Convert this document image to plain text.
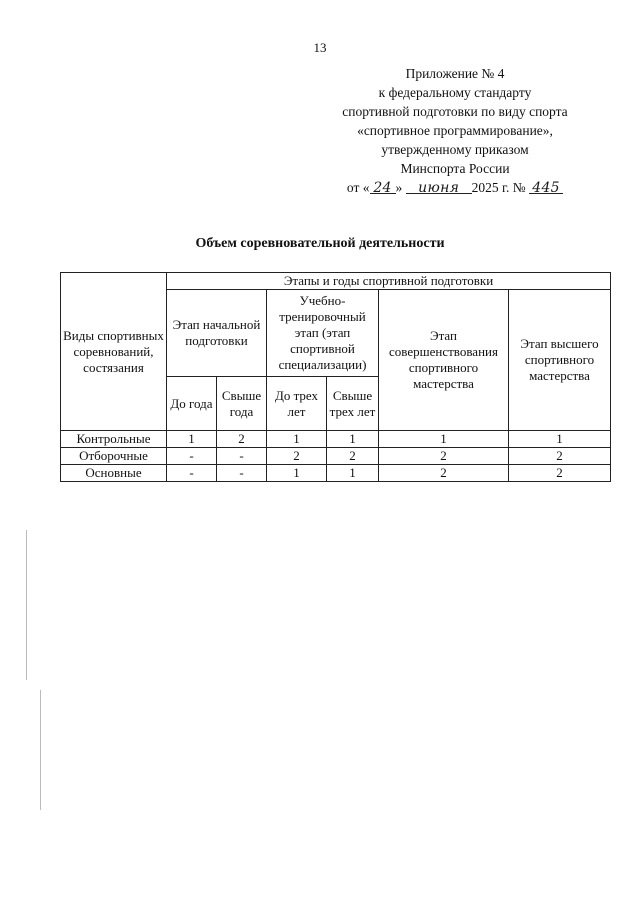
13
Приложение № 4
к федеральному стандарту
спортивной подготовки по виду спорта
«спортивное программирование»,
утвержденному приказом
Минспорта России
от « 24 » июня 2025 г. № 445
Объем соревновательной деятельности
Виды спортивных соревнований, состязания	Этапы и годы спортивной подготовки					
	Этап начальной подготовки		Учебно-тренировочный этап (этап спортивной специализации)		Этап совершенствования спортивного мастерства	Этап высшего спортивного мастерства
	До года	Свыше года	До трех лет	Свыше трех лет		
Контрольные	1	2	1	1	1	1
Отборочные	-	-	2	2	2	2
Основные	-	-	1	1	2	2
